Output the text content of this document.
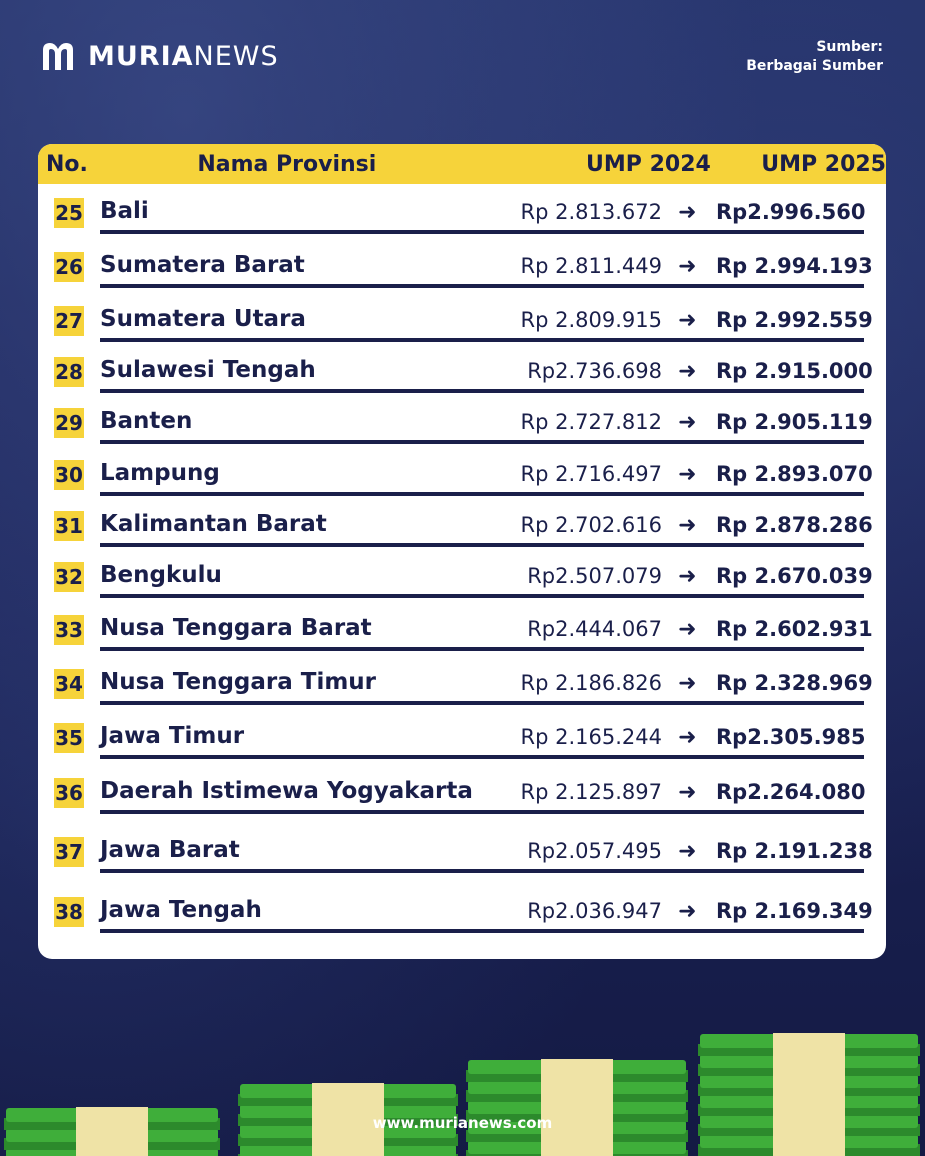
MURIANEWS	Sumber:
Berbagai Sumber
No.	Nama Provinsi	UMP 2024	UMP 2025
25 Bali	Rp 2.813.672 ➜ Rp2.996.560
26 Sumatera Barat	Rp 2.811.449 ➜ Rp 2.994.193
27 Sumatera Utara	Rp 2.809.915 ➜ Rp 2.992.559
28 Sulawesi Tengah	Rp2.736.698 ➜ Rp 2.915.000
29 Banten	Rp 2.727.812 ➜ Rp 2.905.119
30 Lampung	Rp 2.716.497 ➜ Rp 2.893.070
31 Kalimantan Barat	Rp 2.702.616 ➜ Rp 2.878.286
32 Bengkulu	Rp2.507.079 ➜ Rp 2.670.039
33 Nusa Tenggara Barat	Rp2.444.067 ➜ Rp 2.602.931
34 Nusa Tenggara Timur	Rp 2.186.826 ➜ Rp 2.328.969
35 Jawa Timur	Rp 2.165.244 ➜ Rp2.305.985
36 Daerah Istimewa Yogyakarta Rp 2.125.897 ➜ Rp2.264.080
37 Jawa Barat	Rp2.057.495 ➜ Rp 2.191.238
38 Jawa Tengah	Rp2.036.947 ➜ Rp 2.169.349
www.murianews.com
